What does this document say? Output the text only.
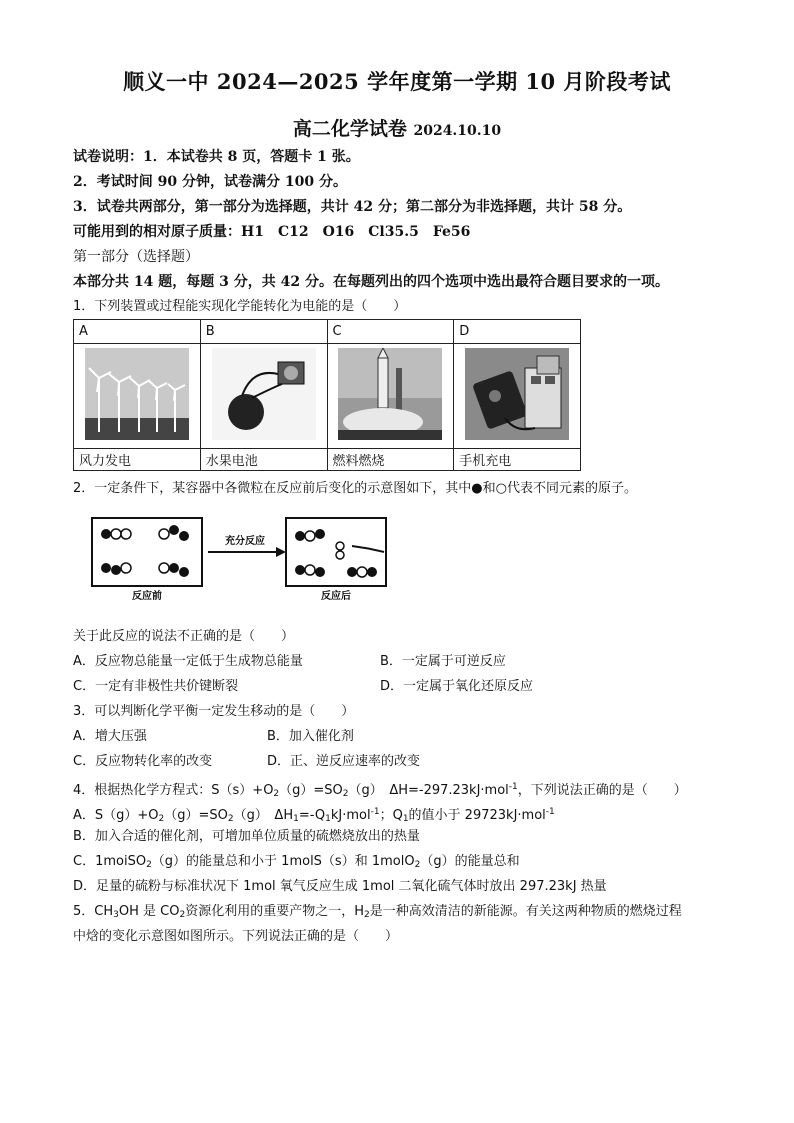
顺义一中 2024—2025 学年度第一学期 10 月阶段考试
高二化学试卷 2024.10.10
试卷说明：1．本试卷共 8 页，答题卡 1 张。
2．考试时间 90 分钟，试卷满分 100 分。
3．试卷共两部分，第一部分为选择题，共计 42 分；第二部分为非选择题，共计 58 分。
可能用到的相对原子质量：H1　C12　O16　Cl35.5　Fe56
第一部分（选择题）
本部分共 14 题，每题 3 分，共 42 分。在每题列出的四个选项中选出最符合题目要求的一项。
1．下列装置或过程能实现化学能转化为电能的是（　　）
A	B	C	D

风力发电	水果电池	燃料燃烧	手机充电
2．一定条件下，某容器中各微粒在反应前后变化的示意图如下，其中●和○代表不同元素的原子。
充分反应
反应前	反应后
关于此反应的说法不正确的是（　　）
A．反应物总能量一定低于生成物总能量	B．一定属于可逆反应
C．一定有非极性共价键断裂	D．一定属于氧化还原反应
3．可以判断化学平衡一定发生移动的是（　　）
A．增大压强	B．加入催化剂
C．反应物转化率的改变	D．正、逆反应速率的改变
4．根据热化学方程式：$S(s)+O_2(g)=SO_2(g)$　 ΔH=-297.23kJ·mol$^{-1}$，下列说法正确的是（　　）
A．$S(g)+O_2(g)=SO_2(g)$　 $\Delta H_1=-Q_1kJ\cdot mol^{-1}$；$Q_1$的值小于 29723kJ·mol$^{-1}$
B．加入合适的催化剂，可增加单位质量的硫燃烧放出的热量
C．1moiSO$_2$（g）的能量总和小于 1molS（s）和 1molO$_2$（g）的能量总和
D．足量的硫粉与标准状况下 1mol 氧气反应生成 1mol 二氧化硫气体时放出 297.23kJ 热量
5．$CH_3OH$ 是 $CO_2$资源化利用的重要产物之一，$H_2$是一种高效清洁的新能源。有关这两种物质的燃烧过程
中焓的变化示意图如图所示。下列说法正确的是（　　）
